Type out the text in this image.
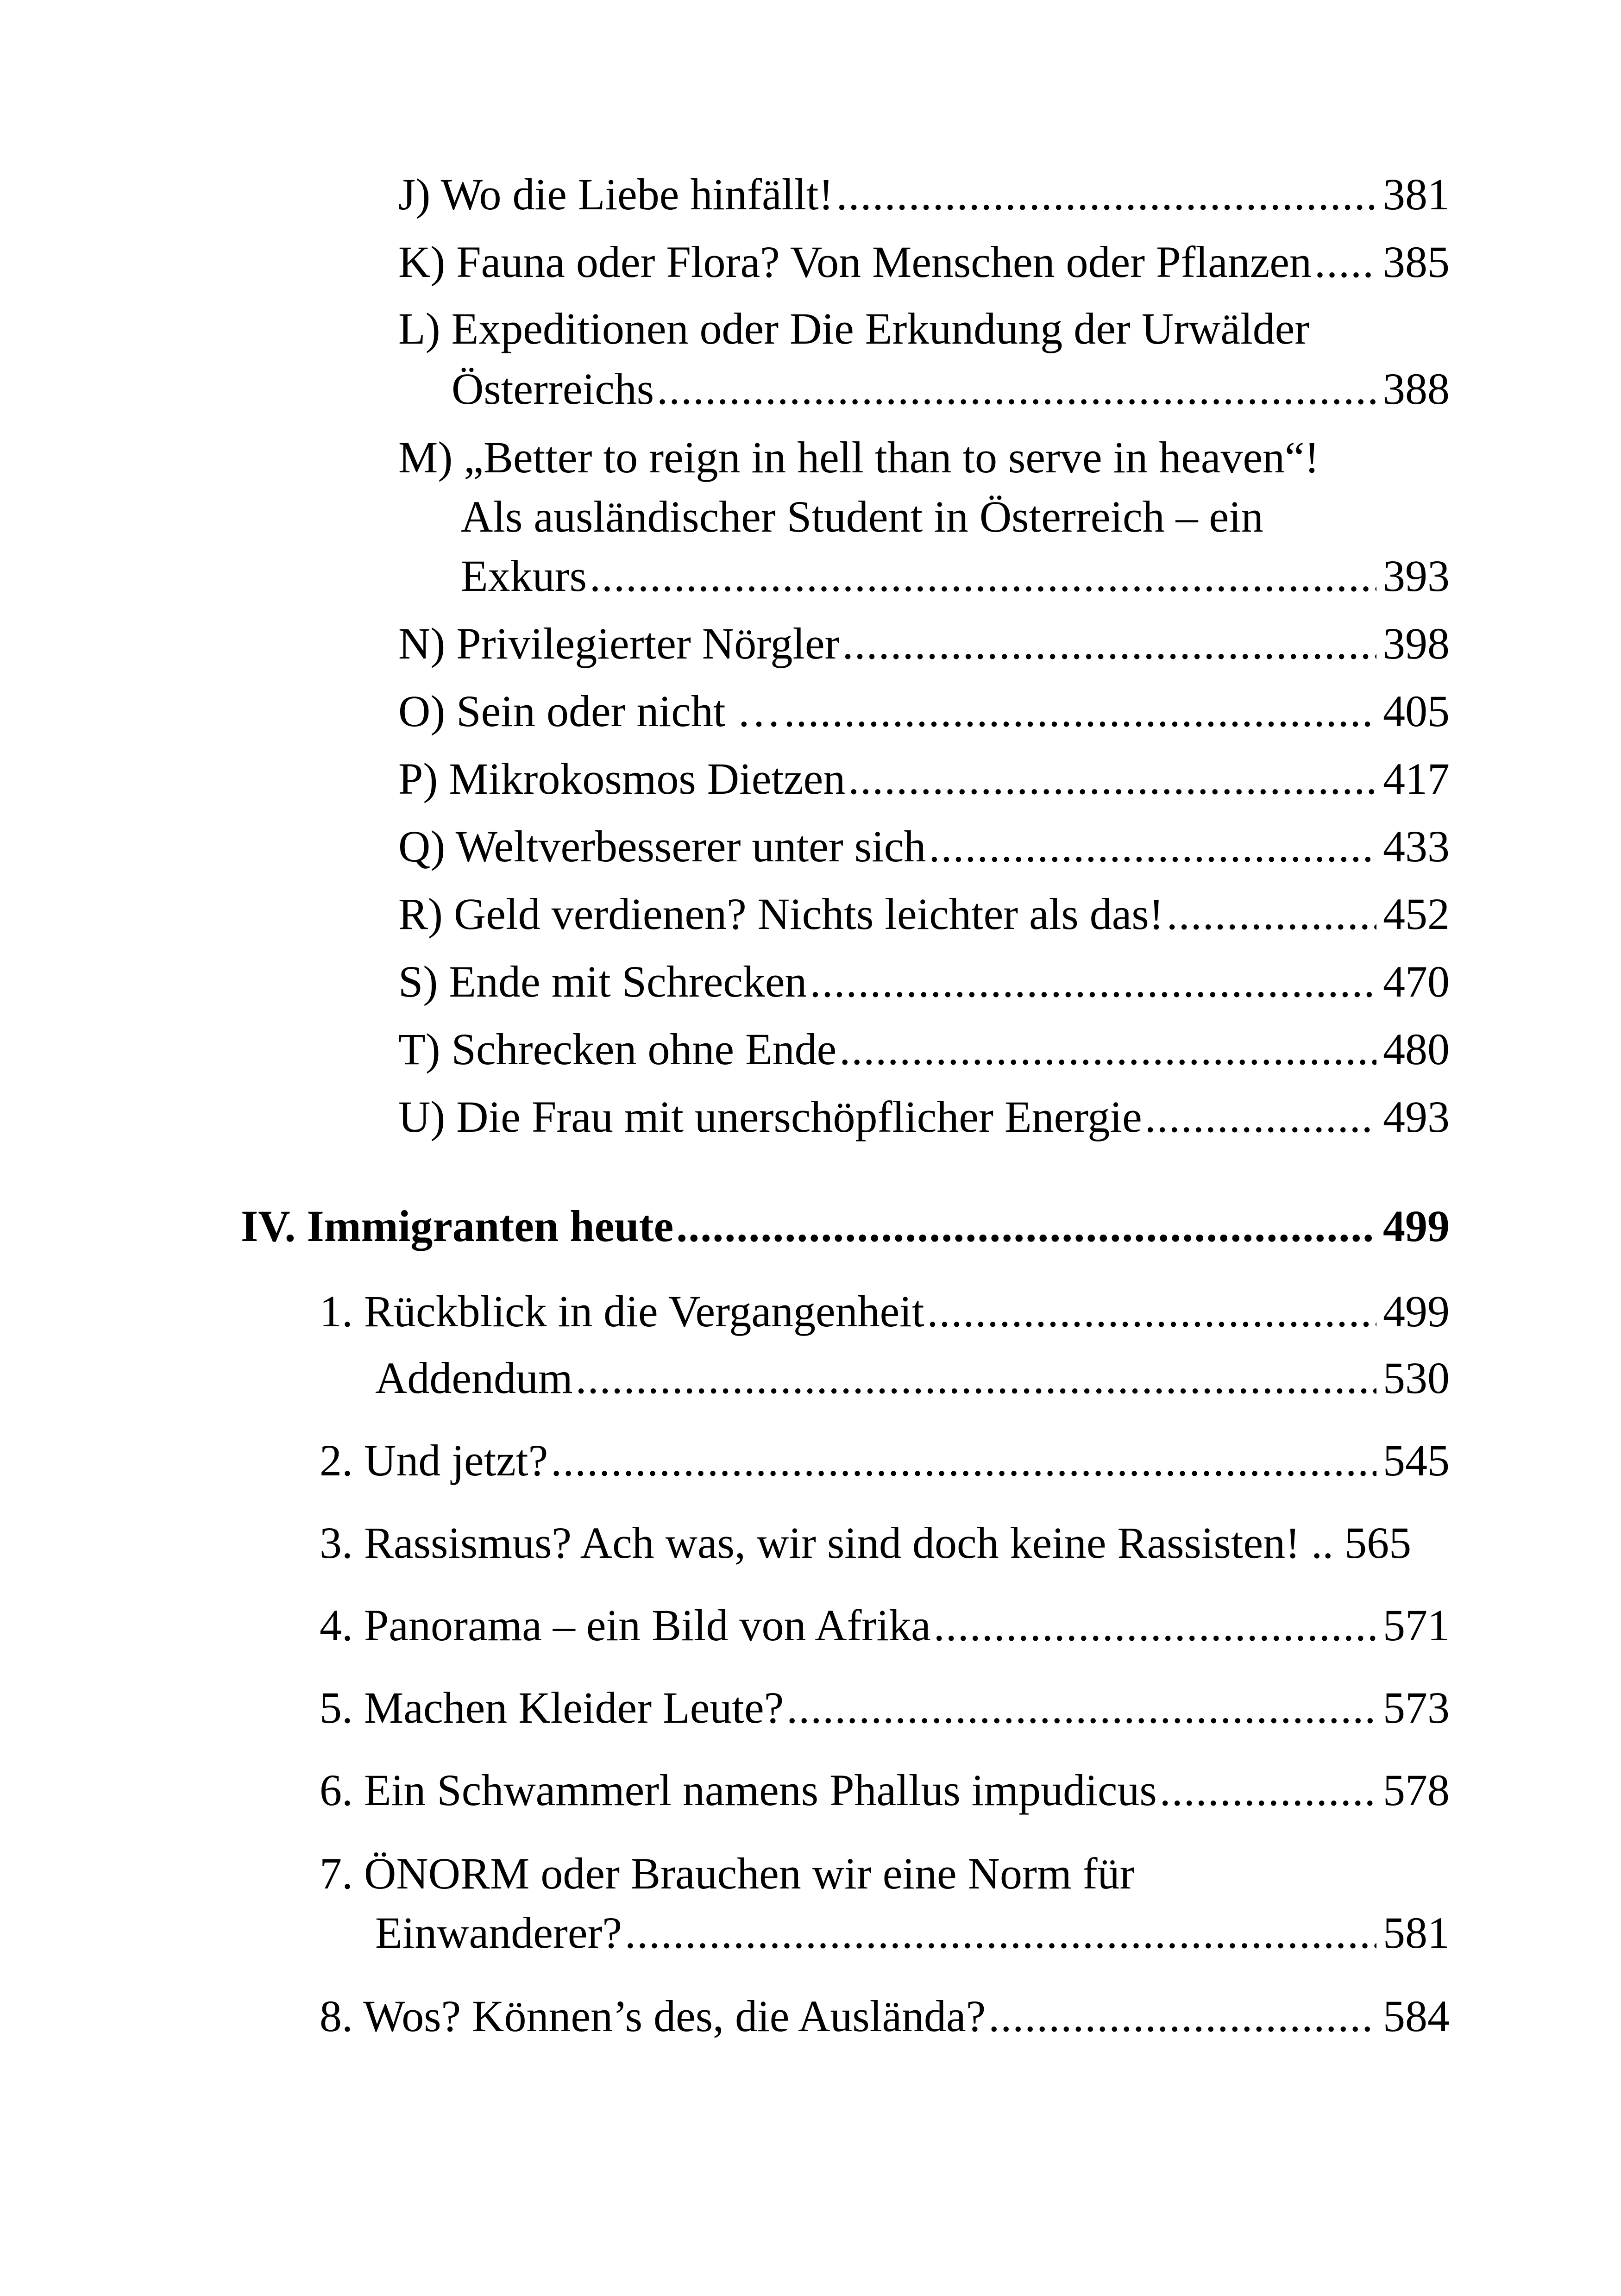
J) Wo die Liebe hinfällt! .....	381
K) Fauna oder Flora? Von Menschen oder Pflanzen ..... 385
L) Expeditionen oder Die Erkundung der Urwälder
Österreichs .....	388
M) „Better to reign in hell than to serve in heaven“!
Als ausländischer Student in Österreich – ein
Exkurs .....	393
N) Privilegierter Nörgler .....	398
O) Sein oder nicht … .....	405
P) Mikrokosmos Dietzen .....	417
Q) Weltverbesserer unter sich .....	433
R) Geld verdienen? Nichts leichter als das! .....	452
S) Ende mit Schrecken .....	470
T) Schrecken ohne Ende .....	480
U) Die Frau mit unerschöpflicher Energie .....	493
IV. Immigranten heute .....	499
1. Rückblick in die Vergangenheit .....	499
Addendum .....	530
2. Und jetzt? .....	545
3. Rassismus? Ach was, wir sind doch keine Rassisten! .. 565
4. Panorama – ein Bild von Afrika .....	571
5. Machen Kleider Leute? .....	573
6. Ein Schwammerl namens Phallus impudicus .....	578
7. ÖNORM oder Brauchen wir eine Norm für
Einwanderer? .....	581
8. Wos? Können’s des, die Ausländа? .....	584
